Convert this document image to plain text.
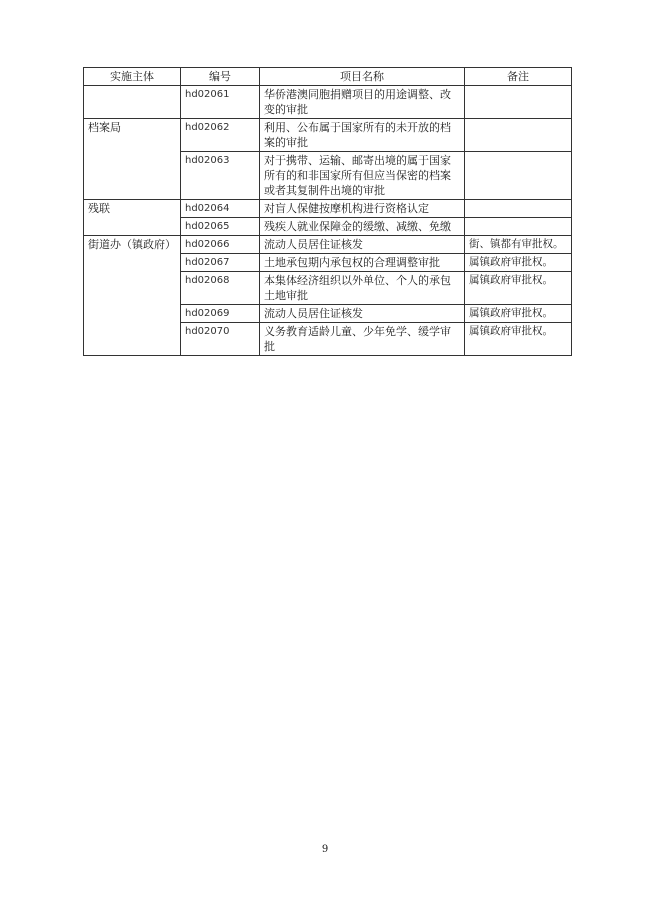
实施主体	编号	项目名称	备注
	hd02061	华侨港澳同胞捐赠项目的用途调整、改变的审批	
档案局	hd02062	利用、公布属于国家所有的未开放的档案的审批	
	hd02063	对于携带、运输、邮寄出境的属于国家所有的和非国家所有但应当保密的档案或者其复制件出境的审批	
残联	hd02064	对盲人保健按摩机构进行资格认定	
	hd02065	残疾人就业保障金的缓缴、减缴、免缴	
街道办（镇政府）	hd02066	流动人员居住证核发	街、镇都有审批权。
	hd02067	土地承包期内承包权的合理调整审批	属镇政府审批权。
	hd02068	本集体经济组织以外单位、个人的承包土地审批	属镇政府审批权。
	hd02069	流动人员居住证核发	属镇政府审批权。
	hd02070	义务教育适龄儿童、少年免学、缓学审批	属镇政府审批权。
9
